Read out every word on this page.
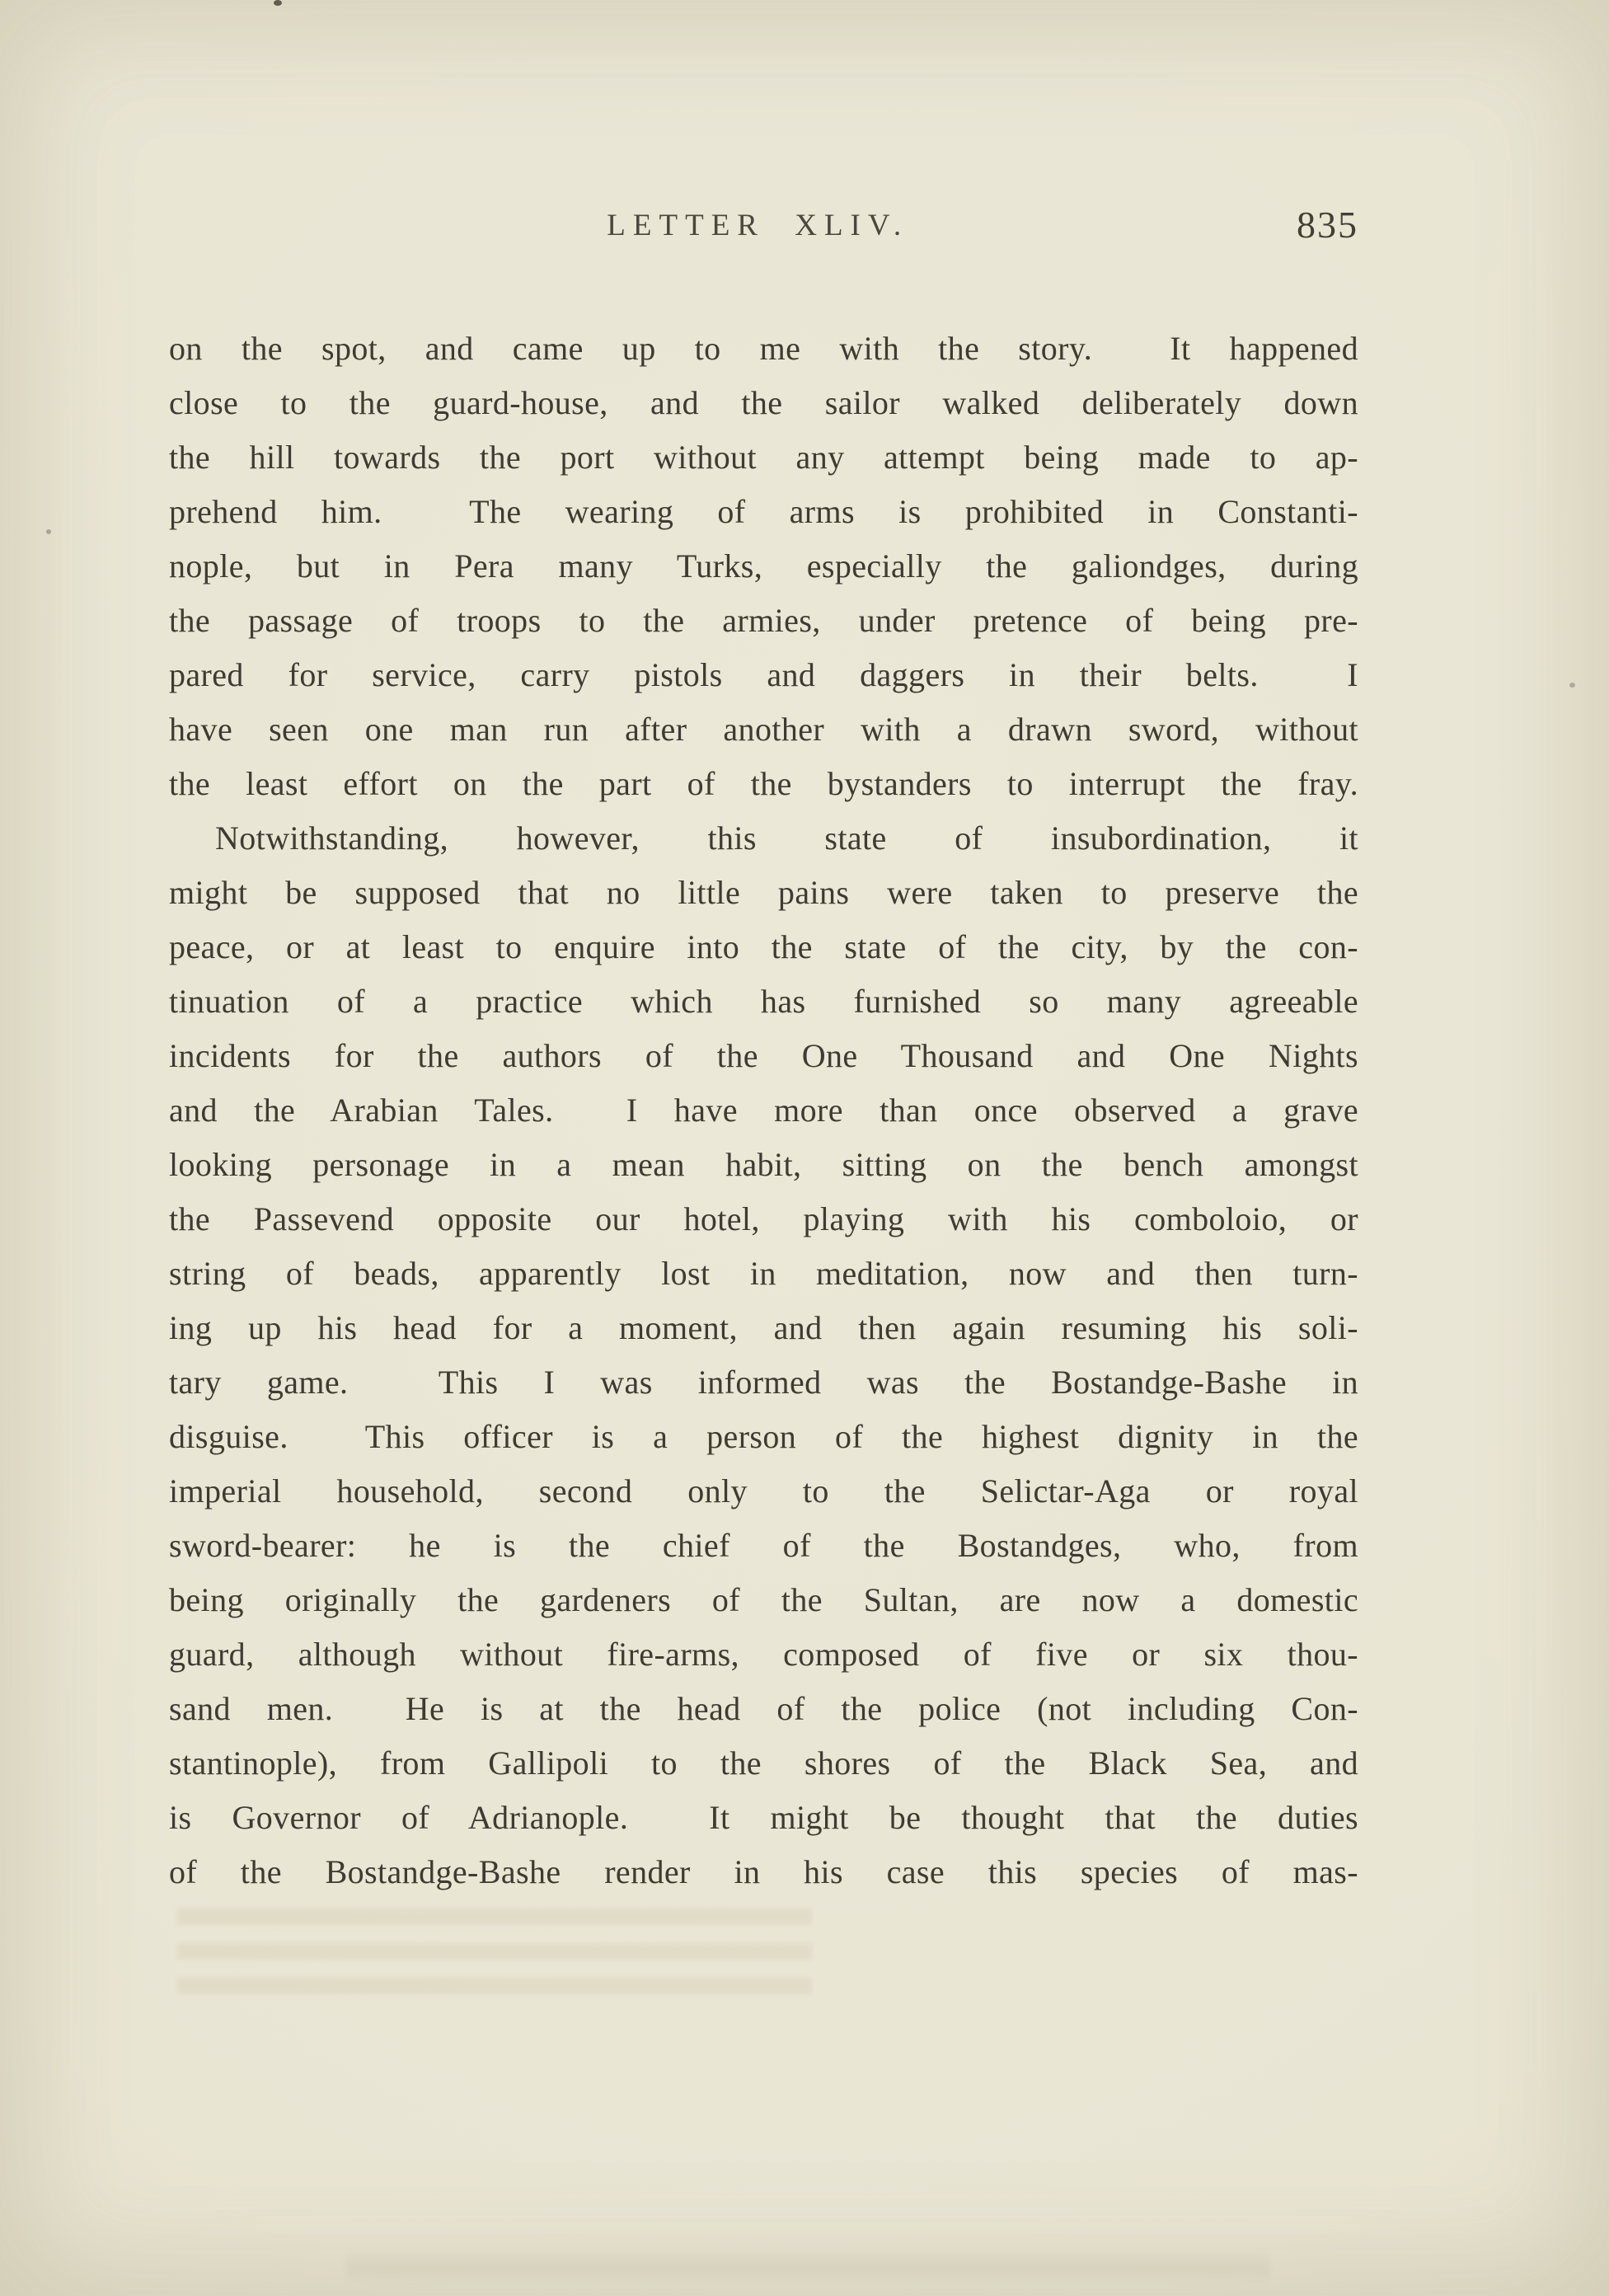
LETTER XLIV.	835
on the spot, and came up to me with the story.  It happened
close to the guard-house, and the sailor walked deliberately down
the hill towards the port without any attempt being made to ap-
prehend him.  The wearing of arms is prohibited in Constanti-
nople, but in Pera many Turks, especially the galiondges, during
the passage of troops to the armies, under pretence of being pre-
pared for service, carry pistols and daggers in their belts.  I
have seen one man run after another with a drawn sword, without
the least effort on the part of the bystanders to interrupt the fray.
Notwithstanding, however, this state of insubordination, it
might be supposed that no little pains were taken to preserve the
peace, or at least to enquire into the state of the city, by the con-
tinuation of a practice which has furnished so many agreeable
incidents for the authors of the One Thousand and One Nights
and the Arabian Tales.  I have more than once observed a grave
looking personage in a mean habit, sitting on the bench amongst
the Passevend opposite our hotel, playing with his comboloio, or
string of beads, apparently lost in meditation, now and then turn-
ing up his head for a moment, and then again resuming his soli-
tary game.  This I was informed was the Bostandge-Bashe in
disguise.  This officer is a person of the highest dignity in the
imperial household, second only to the Selictar-Aga or royal
sword-bearer: he is the chief of the Bostandges, who, from
being originally the gardeners of the Sultan, are now a domestic
guard, although without fire-arms, composed of five or six thou-
sand men.  He is at the head of the police (not including Con-
stantinople), from Gallipoli to the shores of the Black Sea, and
is Governor of Adrianople.  It might be thought that the duties
of the Bostandge-Bashe render in his case this species of mas-
